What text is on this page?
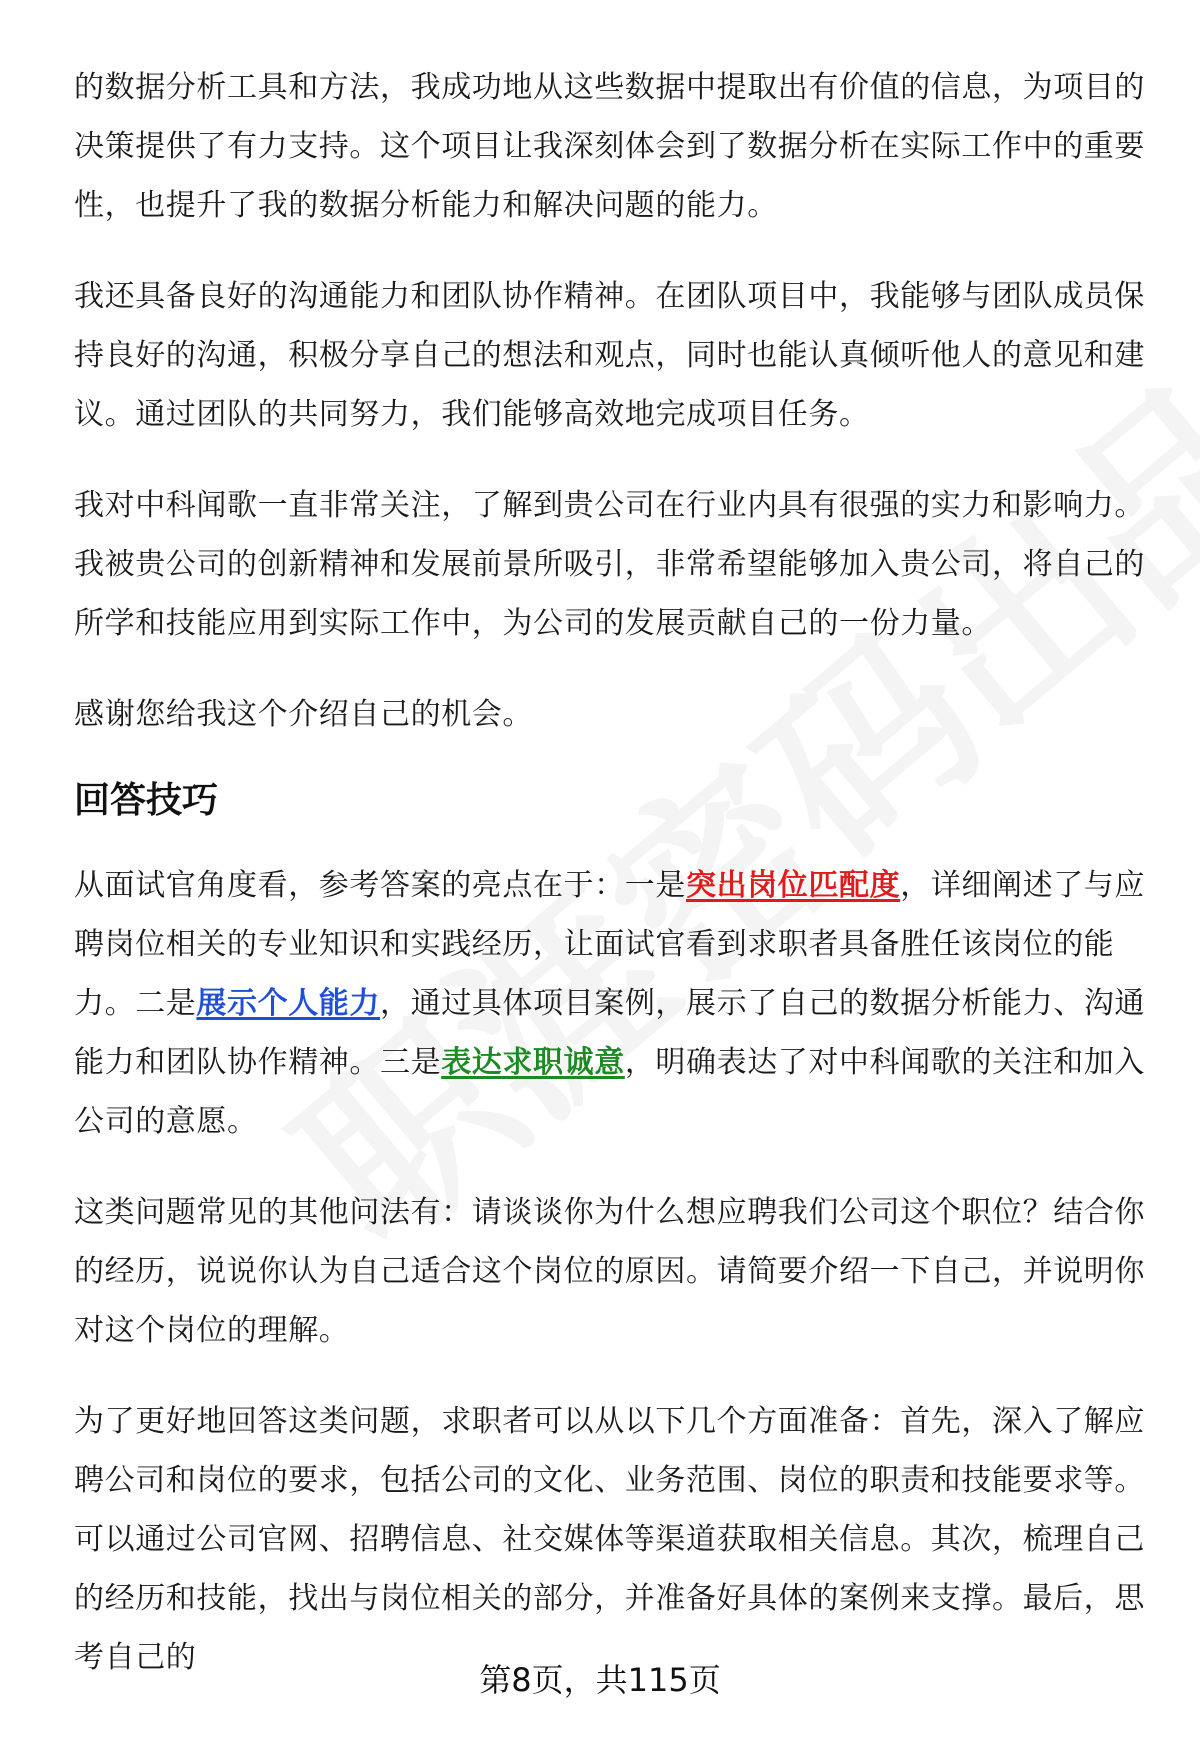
的数据分析工具和方法，我成功地从这些数据中提取出有价值的信息，为项目的决策提供了有力支持。这个项目让我深刻体会到了数据分析在实际工作中的重要性，也提升了我的数据分析能力和解决问题的能力。

我还具备良好的沟通能力和团队协作精神。在团队项目中，我能够与团队成员保持良好的沟通，积极分享自己的想法和观点，同时也能认真倾听他人的意见和建议。通过团队的共同努力，我们能够高效地完成项目任务。

我对中科闻歌一直非常关注，了解到贵公司在行业内具有很强的实力和影响力。我被贵公司的创新精神和发展前景所吸引，非常希望能够加入贵公司，将自己的所学和技能应用到实际工作中，为公司的发展贡献自己的一份力量。

感谢您给我这个介绍自己的机会。

回答技巧

从面试官角度看，参考答案的亮点在于：一是突出岗位匹配度，详细阐述了与应聘岗位相关的专业知识和实践经历，让面试官看到求职者具备胜任该岗位的能力。二是展示个人能力，通过具体项目案例，展示了自己的数据分析能力、沟通能力和团队协作精神。三是表达求职诚意，明确表达了对中科闻歌的关注和加入公司的意愿。

这类问题常见的其他问法有：请谈谈你为什么想应聘我们公司这个职位？结合你的经历，说说你认为自己适合这个岗位的原因。请简要介绍一下自己，并说明你对这个岗位的理解。

为了更好地回答这类问题，求职者可以从以下几个方面准备：首先，深入了解应聘公司和岗位的要求，包括公司的文化、业务范围、岗位的职责和技能要求等。可以通过公司官网、招聘信息、社交媒体等渠道获取相关信息。其次，梳理自己的经历和技能，找出与岗位相关的部分，并准备好具体的案例来支撑。最后，思考自己的

第8页，共115页
